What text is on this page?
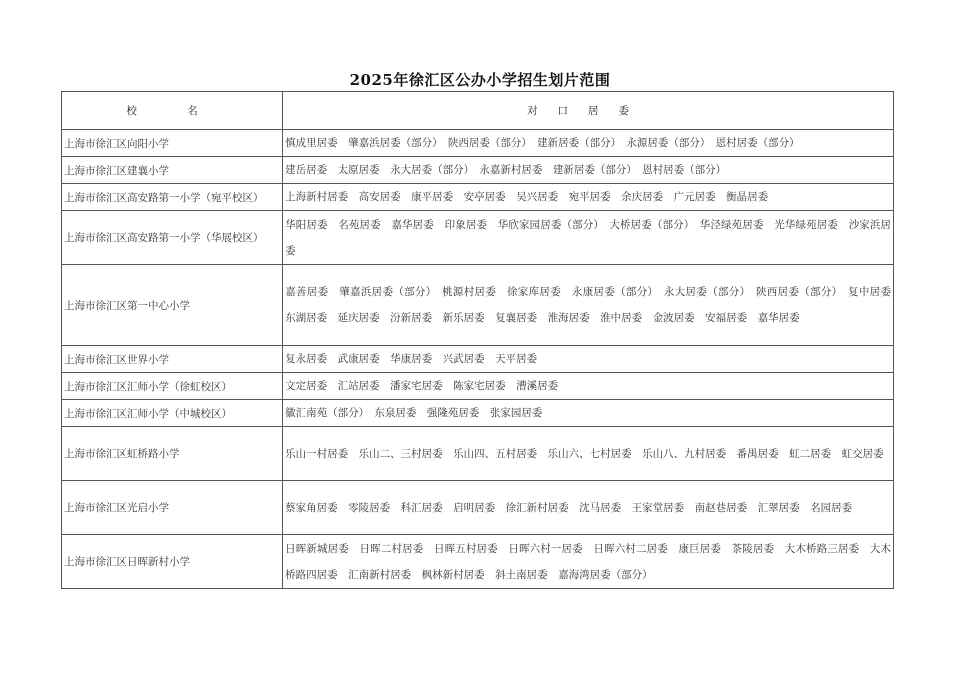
2025年徐汇区公办小学招生划片范围
校　名	对口居委
上海市徐汇区向阳小学	慎成里居委　肇嘉浜居委（部分）　陕西居委（部分）　建新居委（部分）　永源居委（部分）　恩村居委（部分）
上海市徐汇区建襄小学	建岳居委　太原居委　永大居委（部分）　永嘉新村居委　建新居委（部分）　恩村居委（部分）
上海市徐汇区高安路第一小学（宛平校区）	上海新村居委　高安居委　康平居委　安亭居委　吴兴居委　宛平居委　余庆居委　广元居委　衡晶居委
上海市徐汇区高安路第一小学（华展校区）	华阳居委　名苑居委　嘉华居委　印象居委　华欣家园居委（部分）　大桥居委（部分）　华泾绿苑居委　光华绿苑居委　沙家浜居委
上海市徐汇区第一中心小学	嘉善居委　肇嘉浜居委（部分）　桃源村居委　徐家库居委　永康居委（部分）　永大居委（部分）　陕西居委（部分）　复中居委　东湖居委　延庆居委　汾新居委　新乐居委　复襄居委　淮海居委　淮中居委　金波居委　安福居委　嘉华居委
上海市徐汇区世界小学	复永居委　武康居委　华康居委　兴武居委　天平居委
上海市徐汇区汇师小学（徐虹校区）	文定居委　汇站居委　潘家宅居委　陈家宅居委　漕溪居委
上海市徐汇区汇师小学（中城校区）	徽汇南苑（部分）　东泉居委　强隆苑居委　张家园居委
上海市徐汇区虹桥路小学	乐山一村居委　乐山二、三村居委　乐山四、五村居委　乐山六、七村居委　乐山八、九村居委　番禺居委　虹二居委　虹交居委
上海市徐汇区光启小学	蔡家角居委　零陵居委　科汇居委　启明居委　徐汇新村居委　沈马居委　王家堂居委　南赵巷居委　汇翠居委　名园居委
上海市徐汇区日晖新村小学	日晖新城居委　日晖二村居委　日晖五村居委　日晖六村一居委　日晖六村二居委　康巨居委　茶陵居委　大木桥路三居委　大木桥路四居委　汇南新村居委　枫林新村居委　斜土南居委　嘉海湾居委（部分）
